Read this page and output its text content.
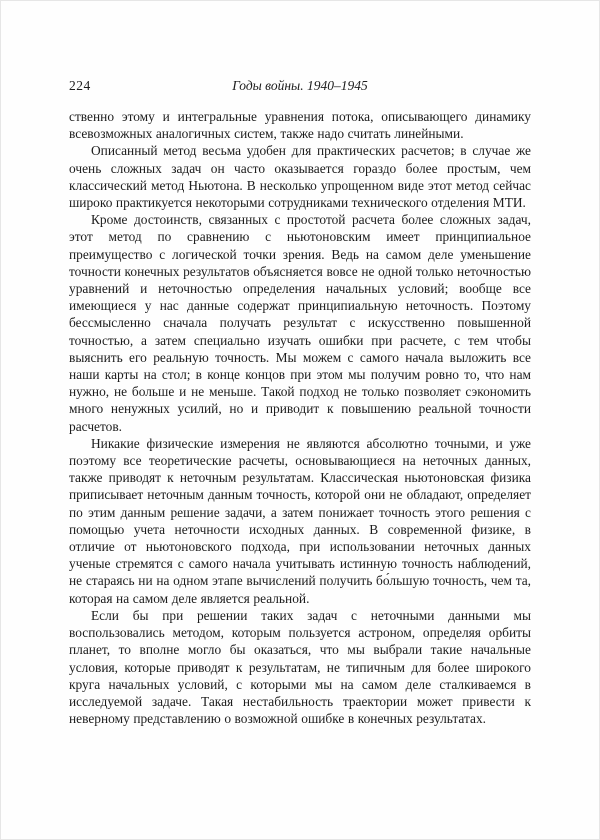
224	Годы войны. 1940–1945

ственно этому и интегральные уравнения потока, описывающего динамику всевозможных аналогичных систем, также надо считать линейными.

Описанный метод весьма удобен для практических расчетов; в случае же очень сложных задач он часто оказывается гораздо более простым, чем классический метод Ньютона. В несколько упрощенном виде этот метод сейчас широко практикуется некоторыми сотрудниками технического отделения МТИ.

Кроме достоинств, связанных с простотой расчета более сложных задач, этот метод по сравнению с ньютоновским имеет принципиальное преимущество с логической точки зрения. Ведь на самом деле уменьшение точности конечных результатов объясняется вовсе не одной только неточностью уравнений и неточностью определения начальных условий; вообще все имеющиеся у нас данные содержат принципиальную неточность. Поэтому бессмысленно сначала получать результат с искусственно повышенной точностью, а затем специально изучать ошибки при расчете, с тем чтобы выяснить его реальную точность. Мы можем с самого начала выложить все наши карты на стол; в конце концов при этом мы получим ровно то, что нам нужно, не больше и не меньше. Такой подход не только позволяет сэкономить много ненужных усилий, но и приводит к повышению реальной точности расчетов.

Никакие физические измерения не являются абсолютно точными, и уже поэтому все теоретические расчеты, основывающиеся на неточных данных, также приводят к неточным результатам. Классическая ньютоновская физика приписывает неточным данным точность, которой они не обладают, определяет по этим данным решение задачи, а затем понижает точность этого решения с помощью учета неточности исходных данных. В современной физике, в отличие от ньютоновского подхода, при использовании неточных данных ученые стремятся с самого начала учитывать истинную точность наблюдений, не стараясь ни на одном этапе вычислений получить бо́льшую точность, чем та, которая на самом деле является реальной.

Если бы при решении таких задач с неточными данными мы воспользовались методом, которым пользуется астроном, определяя орбиты планет, то вполне могло бы оказаться, что мы выбрали такие начальные условия, которые приводят к результатам, не типичным для более широкого круга начальных условий, с которыми мы на самом деле сталкиваемся в исследуемой задаче. Такая нестабильность траектории может привести к неверному представлению о возможной ошибке в конечных результатах.
